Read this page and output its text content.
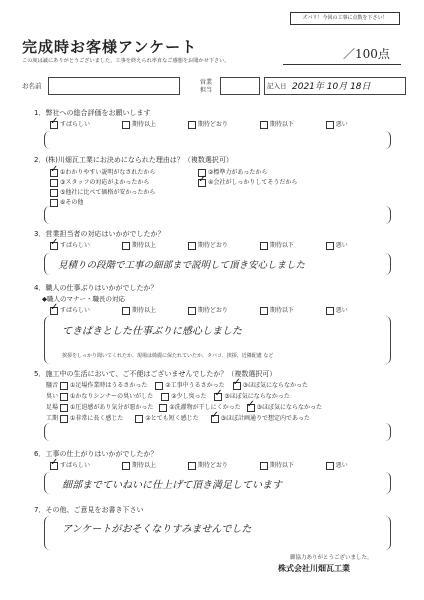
ズバリ！今回の工事に点数を下さい！
／100点
完成時お客様アンケート
この度は誠にありがとうございました。工事を終えられ率直なご感想をお聞かせ下さい。
お名前	営業
担当
記入日 2021年 10月 18日
1．弊社への総合評価をお願いします
✓すばらしい	期待以上	期待どおり	期待以下	悪い
2．(株)川畑瓦工業にお決めになられた理由は？（複数選択可）
✓①わかりやすい説明がなされたから	②標準力があったから
③スタッフの対応がよかったから ✓	④会社がしっかりしてそうだから
⑤他社に比べて価格が安かったから
⑥その他
3．営業担当者の対応はいかがでしたか？
✓すばらしい	期待以上	期待どおり	期待以下	悪い
見積りの段階で工事の細部まで説明して頂き安心しました
4．職人の仕事ぶりはいかがでしたか？
◆職人のマナー・職長の対応
✓すばらしい	期待以上	期待どおり	期待以下	悪い
てきぱきとした仕事ぶりに感心しました
挨拶をしっかり聞いてくれたか、現場は綺麗に保たれていたか、タバコ、挨拶、近隣配慮 など
5．施工中の生活において、ご不便はございませんでしたか？（複数選択可）
騒音 ①足場作業時はうるさかった	②工事中うるさかった ✓	③ほぼ気にならなかった
臭い ①かなりシンナーの臭いがした	②少し臭った ✓	③ほぼ気にならなかった
足場 ①圧迫感があり気分が悪かった	②洗濯物が干しにくかった ✓	③ほぼ気にならなかった
工期 ①非常に長く感じた	②とても短く感じた ✓	③ほぼ計画通りで想定内であった
6．工事の仕上がりはいかがでしたか？
✓すばらしい	期待以上	期待どおり	期待以下	悪い
細部までていねいに仕上げて頂き満足しています
7．その他、ご意見をお書き下さい
アンケートがおそくなりすみませんでした
御協力ありがとうございました。
株式会社川畑瓦工業
